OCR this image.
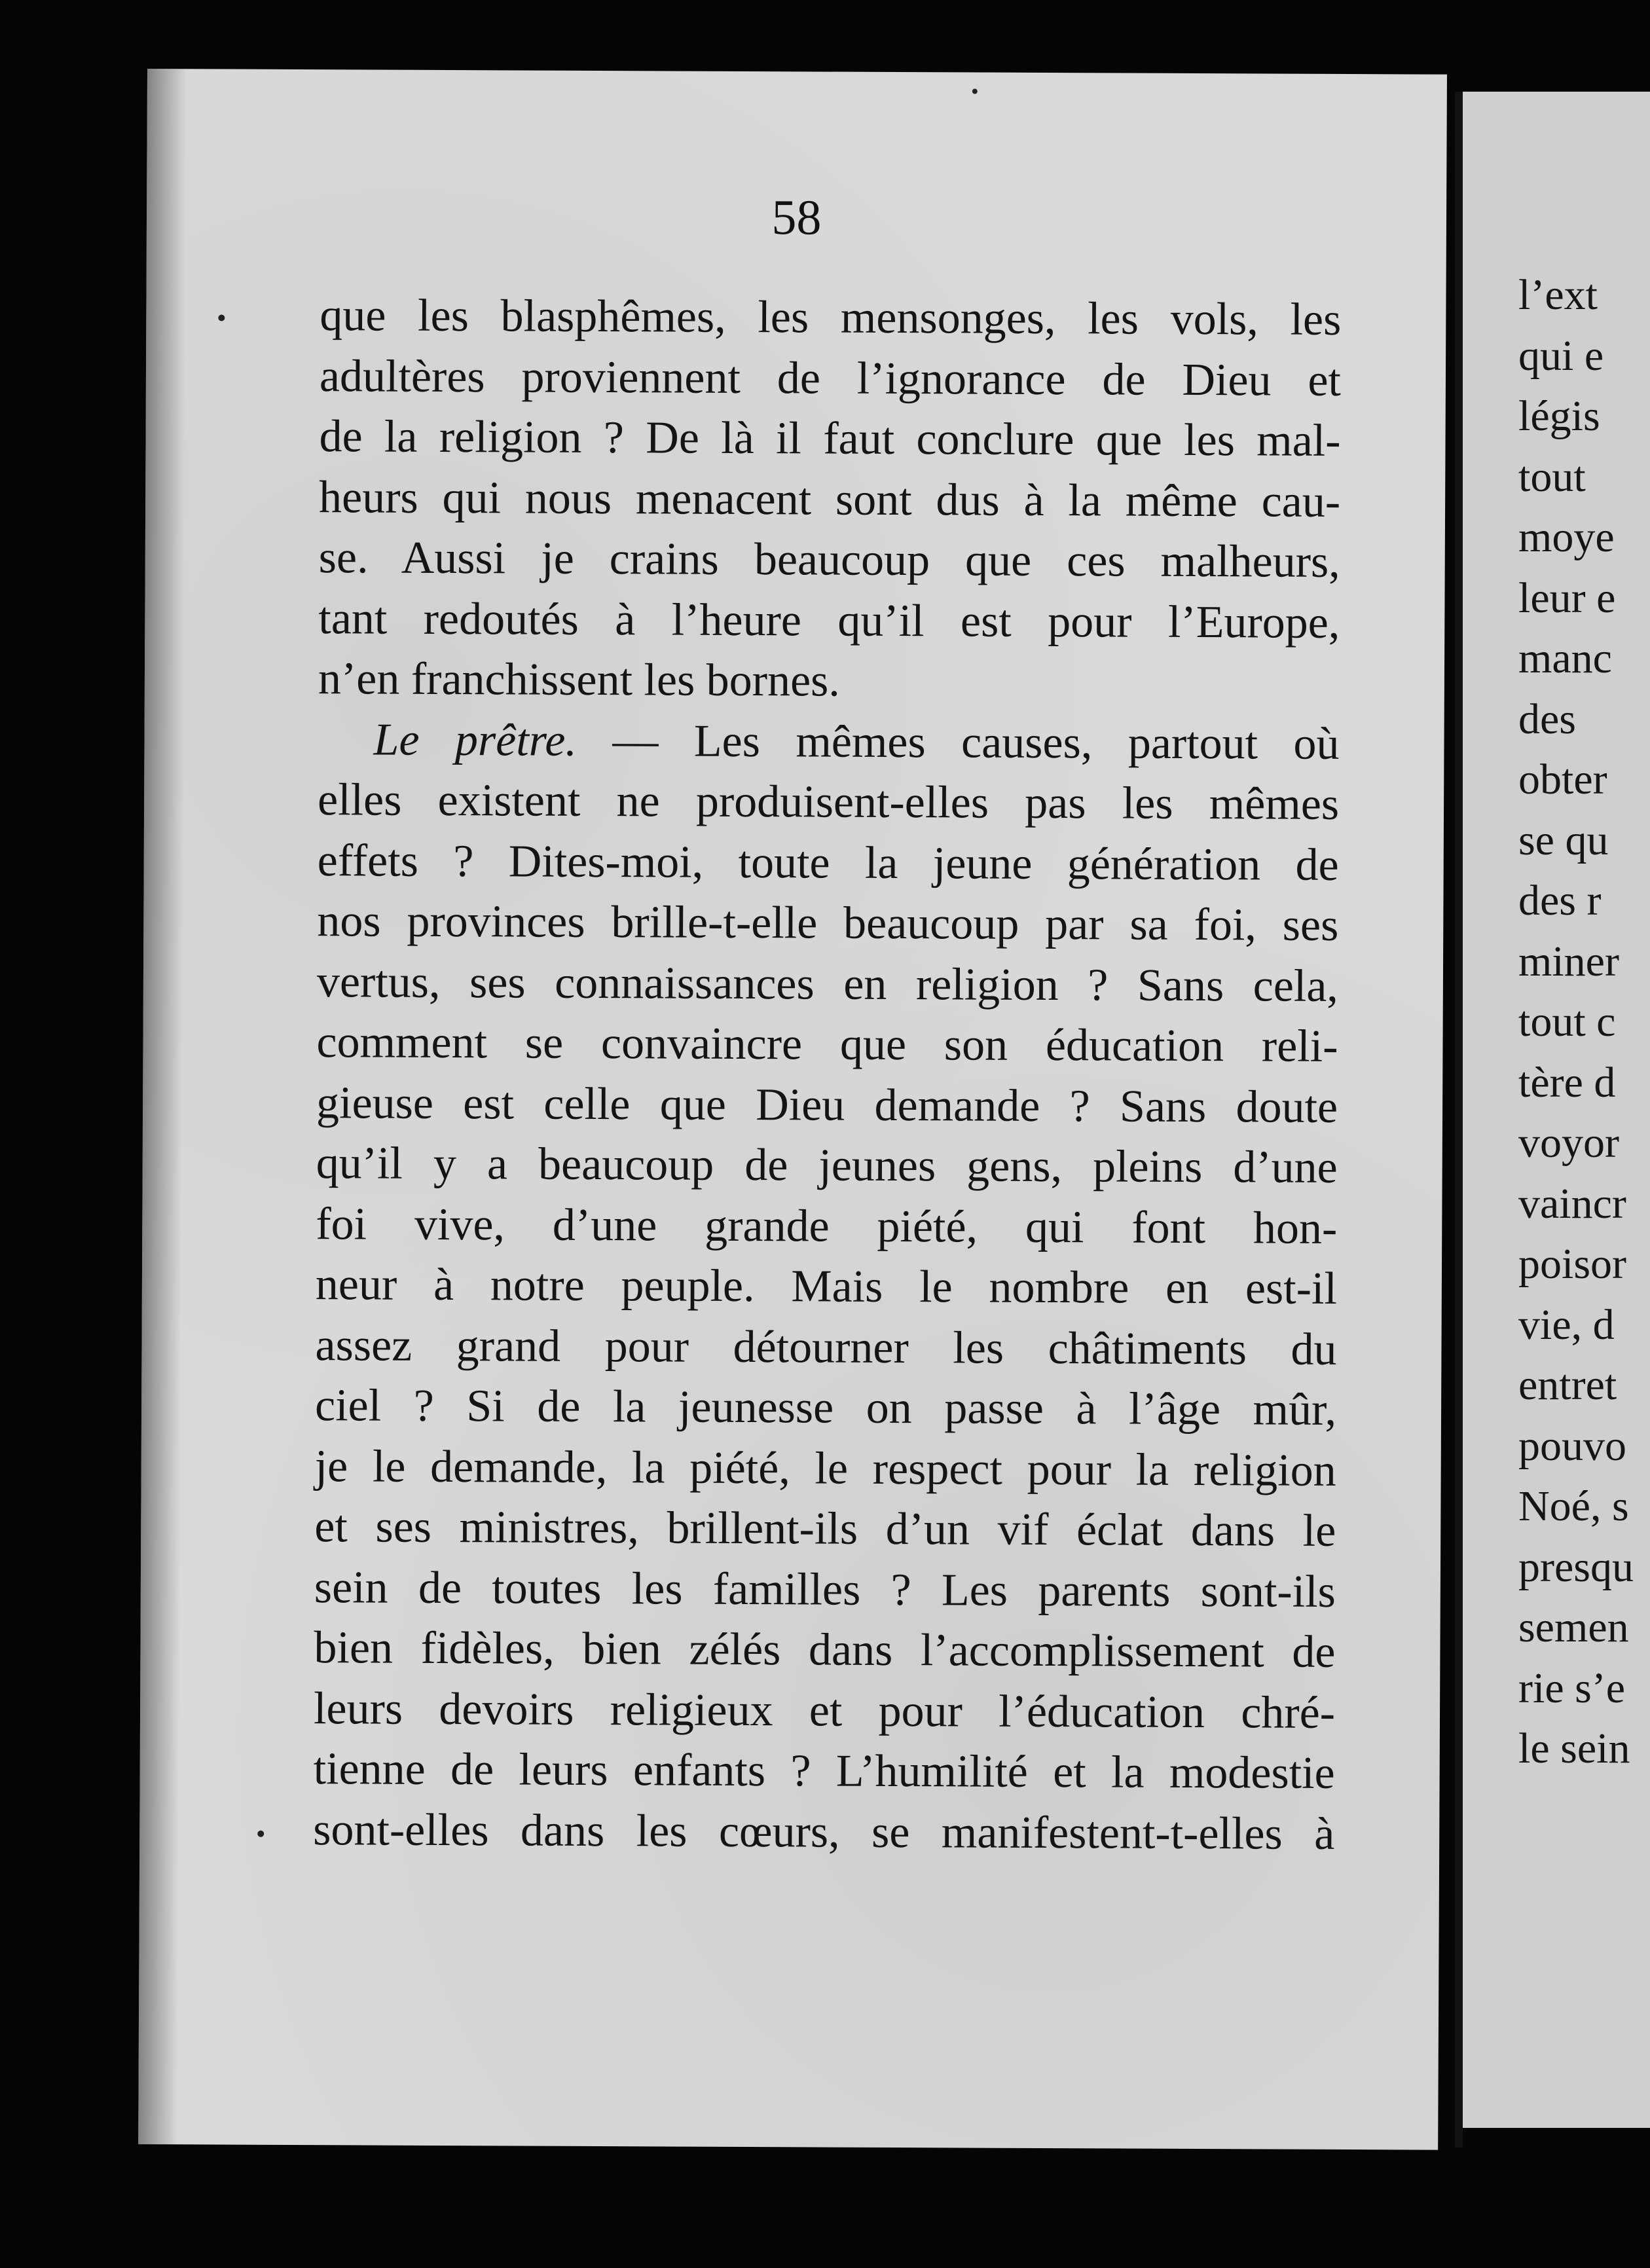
58
que les blasphêmes, les mensonges, les vols, les
adultères proviennent de l’ignorance de Dieu et
de la religion ? De là il faut conclure que les mal-
heurs qui nous menacent sont dus à la même cau-
se. Aussi je crains beaucoup que ces malheurs,
tant redoutés à l’heure qu’il est pour l’Europe,
n’en franchissent les bornes.
Le prêtre. — Les mêmes causes, partout où
elles existent ne produisent-elles pas les mêmes
effets ? Dites-moi, toute la jeune génération de
nos provinces brille-t-elle beaucoup par sa foi, ses
vertus, ses connaissances en religion ? Sans cela,
comment se convaincre que son éducation reli-
gieuse est celle que Dieu demande ? Sans doute
qu’il y a beaucoup de jeunes gens, pleins d’une
foi vive, d’une grande piété, qui font hon-
neur à notre peuple. Mais le nombre en est-il
assez grand pour détourner les châtiments du
ciel ? Si de la jeunesse on passe à l’âge mûr,
je le demande, la piété, le respect pour la religion
et ses ministres, brillent-ils d’un vif éclat dans le
sein de toutes les familles ? Les parents sont-ils
bien fidèles, bien zélés dans l’accomplissement de
leurs devoirs religieux et pour l’éducation chré-
tienne de leurs enfants ? L’humilité et la modestie
sont-elles dans les cœurs, se manifestent-t-elles à
l’ext
qui e
légis
tout
moye
leur e
manc
des
obter
se qu
des r
miner
tout c
tère d
voyor
vaincr
poisor
vie, d
entret
pouvo
Noé, s
presqu
semen
rie s’e
le sein
